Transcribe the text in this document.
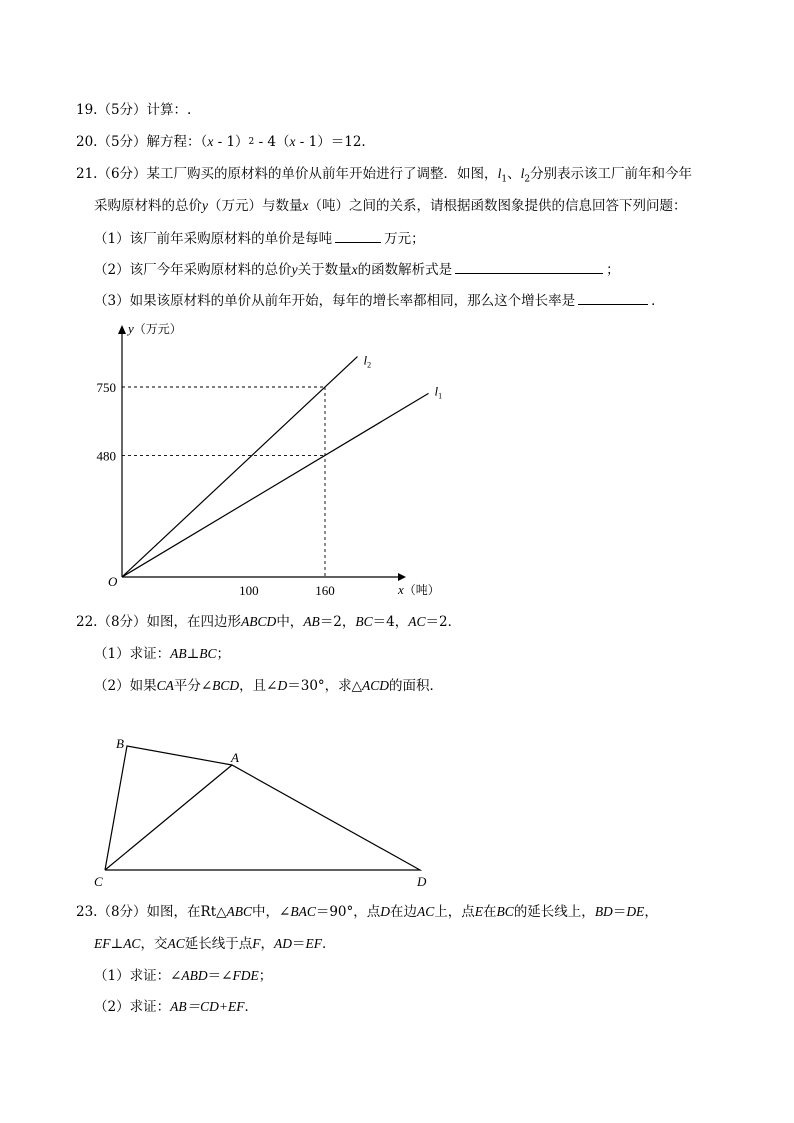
19.（5分）计算：.
20.（5分）解方程：（x - 1）$^2$ - 4（x - 1）＝12.
21.（6分）某工厂购买的原材料的单价从前年开始进行了调整．如图，$l_1$、$l_2$分别表示该工厂前年和今年
采购原材料的总价y（万元）与数量x（吨）之间的关系，请根据函数图象提供的信息回答下列问题：
（1）该厂前年采购原材料的单价是每吨	万元；
（2）该厂今年采购原材料的总价y关于数量x的函数解析式是	；
（3）如果该原材料的单价从前年开始，每年的增长率都相同，那么这个增长率是	．
y（万元）
x（吨）
O
100	160
480
750	$l_1$
$l_2$
22.（8分）如图，在四边形ABCD中，AB＝2，BC＝4，AC＝2．
（1）求证：AB⊥BC；
（2）如果CA平分∠BCD，且∠D＝30°，求△ACD的面积．
B
A
C	D
23.（8分）如图，在Rt△ABC中，∠BAC＝90°，点D在边AC上，点E在BC的延长线上，BD＝DE，
EF⊥AC，交AC延长线于点F，AD＝EF．
（1）求证：∠ABD＝∠FDE；
（2）求证：AB＝CD+EF．
